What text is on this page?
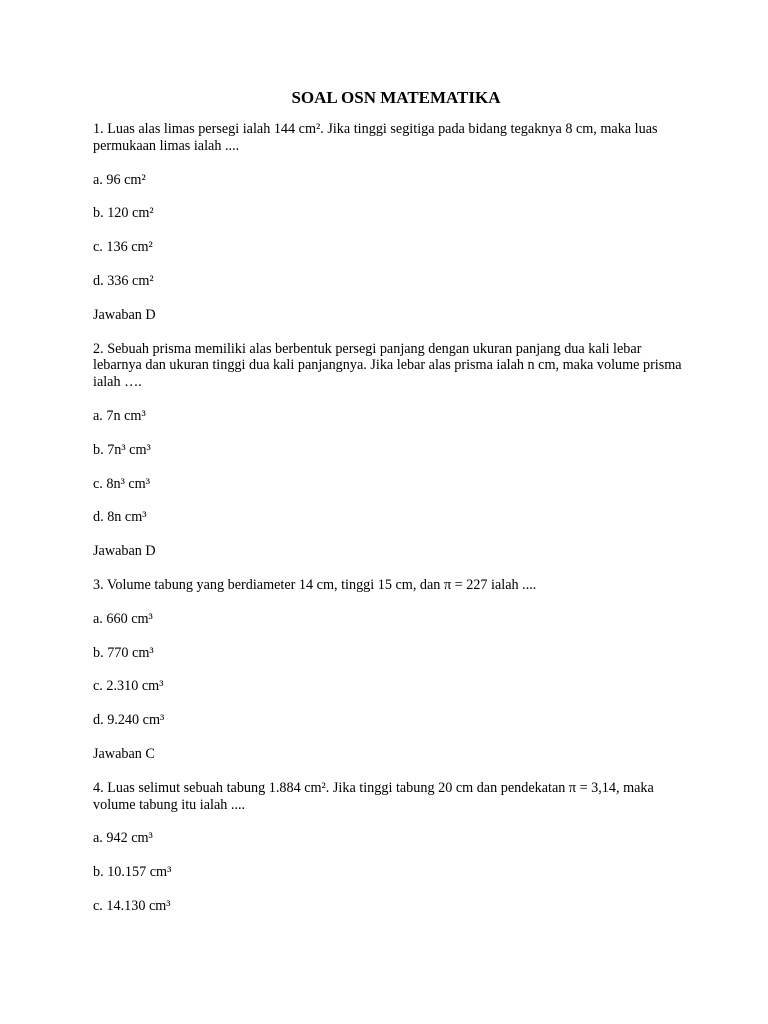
SOAL OSN MATEMATIKA
1. Luas alas limas persegi ialah 144 cm². Jika tinggi segitiga pada bidang tegaknya 8 cm, maka luas permukaan limas ialah ....
a. 96 cm²
b. 120 cm²
c. 136 cm²
d. 336 cm²
Jawaban D
2. Sebuah prisma memiliki alas berbentuk persegi panjang dengan ukuran panjang dua kali lebar lebarnya dan ukuran tinggi dua kali panjangnya. Jika lebar alas prisma ialah n cm, maka volume prisma ialah ….
a. 7n cm³
b. 7n³ cm³
c. 8n³ cm³
d. 8n cm³
Jawaban D
3. Volume tabung yang berdiameter 14 cm, tinggi 15 cm, dan π = 227 ialah ....
a. 660 cm³
b. 770 cm³
c. 2.310 cm³
d. 9.240 cm³
Jawaban C
4. Luas selimut sebuah tabung 1.884 cm². Jika tinggi tabung 20 cm dan pendekatan π = 3,14, maka volume tabung itu ialah ....
a. 942 cm³
b. 10.157 cm³
c. 14.130 cm³
